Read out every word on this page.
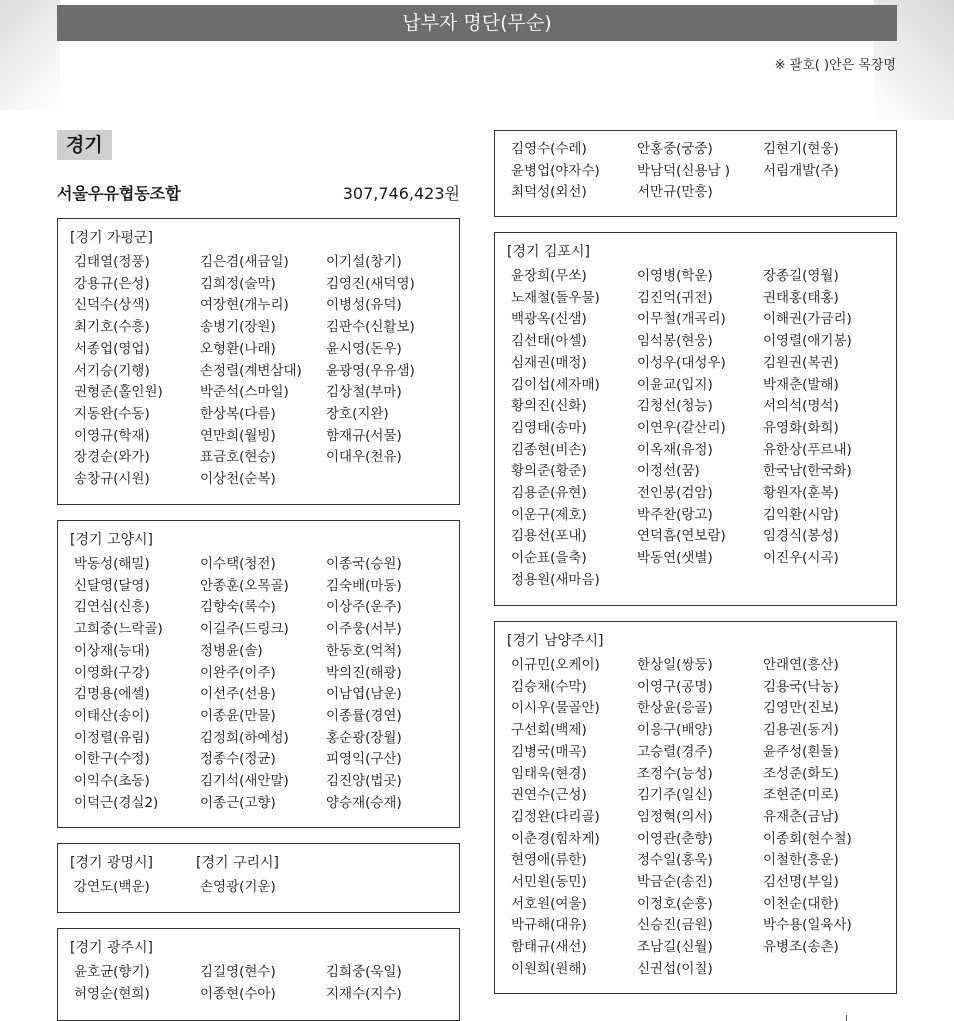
납부자 명단(무순)
※ 괄호( )안은 목장명
경기
서울우유협동조합	307,746,423원
[경기 가평군]
김태열(정풍)	김은겸(새금일)	이기설(창기)
강용규(은성)	김희정(술막)	김영진(새덕영)
신덕수(상색)	여장현(개누리)	이병성(유덕)
최기호(수흥)	송병기(장원)	김판수(신활보)
서종업(영업)	오형환(나래)	윤시영(돈우)
서기승(기행)	손정렬(계변삼대)	윤광영(우유샘)
권형준(홀인원)	박준석(스마일)	김상철(부마)
지동완(수동)	한상복(다름)	장호(지완)
이영규(학재)	연만희(월빙)	함재규(서물)
장경순(와가)	표금호(현승)	이대우(천유)
송창규(시원)	이상천(순복)
[경기 고양시]
박동성(해밀)	이수택(청전)	이종국(승원)
신달영(달영)	안종훈(오목골)	김숙배(마동)
김연심(신흥)	김향숙(록수)	이상주(운주)
고희중(느락골)	이길주(드링크)	이주웅(서부)
이상재(능대)	정병윤(솔)	한동호(억척)
이영화(구강)	이완주(이주)	박의진(해광)
김명용(에셀)	이선주(선용)	이남엽(남운)
이태산(송이)	이종윤(만물)	이종률(경연)
이정렬(유림)	김정희(하예성)	홍순광(장월)
이한구(수정)	정종수(정균)	피영익(구산)
이익수(초동)	김기석(새안말)	김진양(법곳)
이덕근(경실2)	이종근(고향)	양승재(승재)
[경기 광명시]	[경기 구리시]
강연도(백운)	손영광(기운)
[경기 광주시]
윤호균(향기)	김길영(현수)	김희중(욱일)
허영순(현희)	이종현(수아)	지재수(지수)
김영수(수레)	안홍중(궁중)	김현기(현웅)
윤병업(야자수)	박남덕(신용남 )	서림개발(주)
최덕성(외선)	서만규(만흥)
[경기 김포시]
윤장희(무쏘)	이영병(학운)	장종길(영월)
노재철(돌우물)	김진억(귀전)	권태홍(태홍)
백광옥(신샘)	이무철(개곡리)	이해권(가금리)
김선태(아셀)	임석봉(현웅)	이영렬(애기봉)
심재권(매정)	이성우(대성우)	김원권(복권)
김이섭(세자매)	이윤교(입지)	박재춘(발해)
황의진(신화)	김청선(청능)	서의석(명석)
김영태(송마)	이연우(갈산리)	유영화(화희)
김종현(비손)	이옥재(유정)	유한상(푸르내)
황의준(황준)	이정선(꿈)	한국남(한국화)
김용준(유현)	전인봉(검암)	황원자(훈복)
이운구(제호)	박주찬(랑고)	김익환(시암)
김용선(포내)	연덕흠(연보람)	임경식(봉성)
이순표(을축)	박동연(샛별)	이진우(시곡)
정용원(새마음)
[경기 남양주시]
이규민(오케이)	한상일(쌍둥)	안래연(흥산)
김승채(수막)	이영구(공명)	김용국(낙농)
이시우(물골안)	한상윤(응골)	김영만(진보)
구선회(백제)	이응구(배양)	김용권(동거)
김병국(매곡)	고승렬(경주)	윤주성(흰돌)
임태욱(현경)	조정수(능성)	조성준(화도)
권연수(근성)	김기주(일신)	조현준(미로)
김정완(다리골)	임정혁(의서)	유재춘(금남)
이춘경(힘차게)	이영관(춘향)	이종회(현수철)
현영애(류한)	정수일(홍욱)	이철한(흥운)
서민원(동민)	박금순(송진)	김선명(부일)
서호원(여울)	이정호(순흥)	이천순(대한)
박규해(대유)	신승진(금원)	박수용(일육사)
함태규(새선)	조남길(신월)	유병조(송촌)
이원희(원해)	신권섭(이칠)
